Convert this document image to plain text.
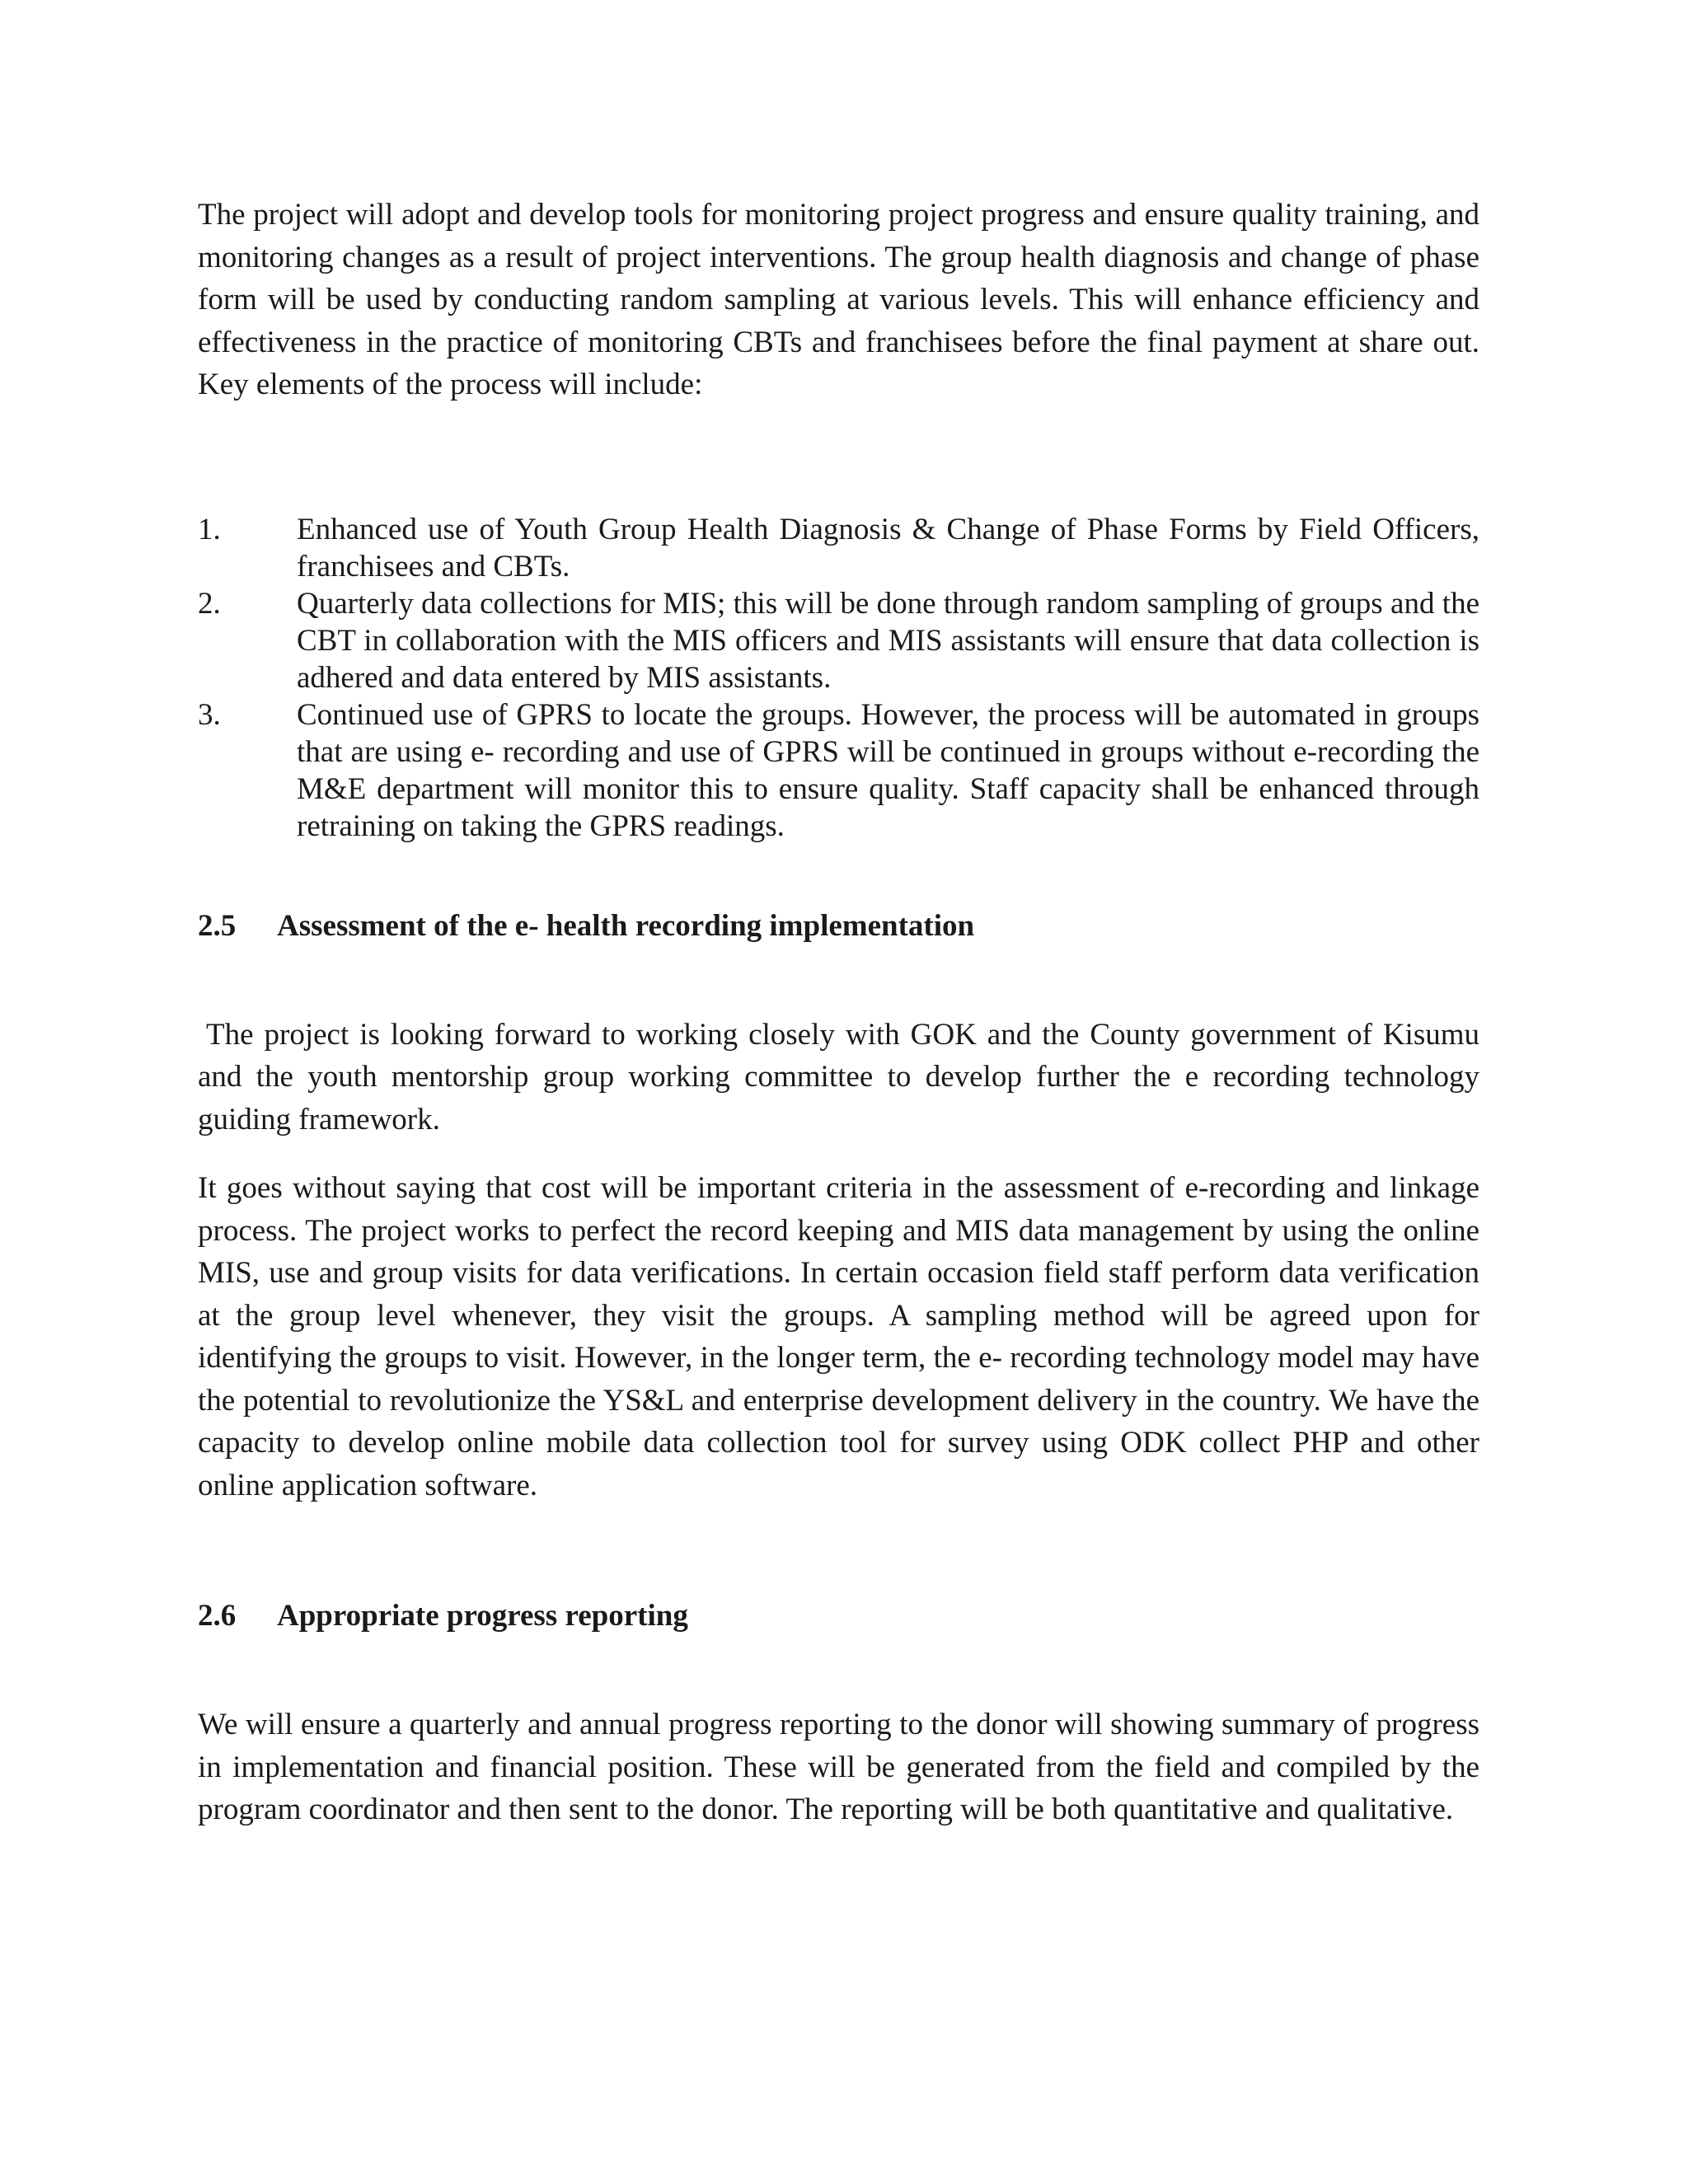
The project will adopt and develop tools for monitoring project progress and ensure quality training, and monitoring changes as a result of project interventions. The group health diagnosis and change of phase form will be used by conducting random sampling at various levels. This will enhance efficiency and effectiveness in the practice of monitoring CBTs and franchisees before the final payment at share out. Key elements of the process will include:

1. Enhanced use of Youth Group Health Diagnosis & Change of Phase Forms by Field Officers, franchisees and CBTs.
2. Quarterly data collections for MIS; this will be done through random sampling of groups and the CBT in collaboration with the MIS officers and MIS assistants will ensure that data collection is adhered and data entered by MIS assistants.
3. Continued use of GPRS to locate the groups. However, the process will be automated in groups that are using e- recording and use of GPRS will be continued in groups without e-recording the M&E department will monitor this to ensure quality. Staff capacity shall be enhanced through retraining on taking the GPRS readings.
2.5	Assessment of the e- health recording implementation

The project is looking forward to working closely with GOK and the County government of Kisumu and the youth mentorship group working committee to develop further the e recording technology guiding framework.

It goes without saying that cost will be important criteria in the assessment of e-recording and linkage process. The project works to perfect the record keeping and MIS data management by using the online MIS, use and group visits for data verifications. In certain occasion field staff perform data verification at the group level whenever, they visit the groups. A sampling method will be agreed upon for identifying the groups to visit. However, in the longer term, the e- recording technology model may have the potential to revolutionize the YS&L and enterprise development delivery in the country. We have the capacity to develop online mobile data collection tool for survey using ODK collect PHP and other online application software.

2.6	Appropriate progress reporting

We will ensure a quarterly and annual progress reporting to the donor will showing summary of progress in implementation and financial position. These will be generated from the field and compiled by the program coordinator and then sent to the donor. The reporting will be both quantitative and qualitative.
